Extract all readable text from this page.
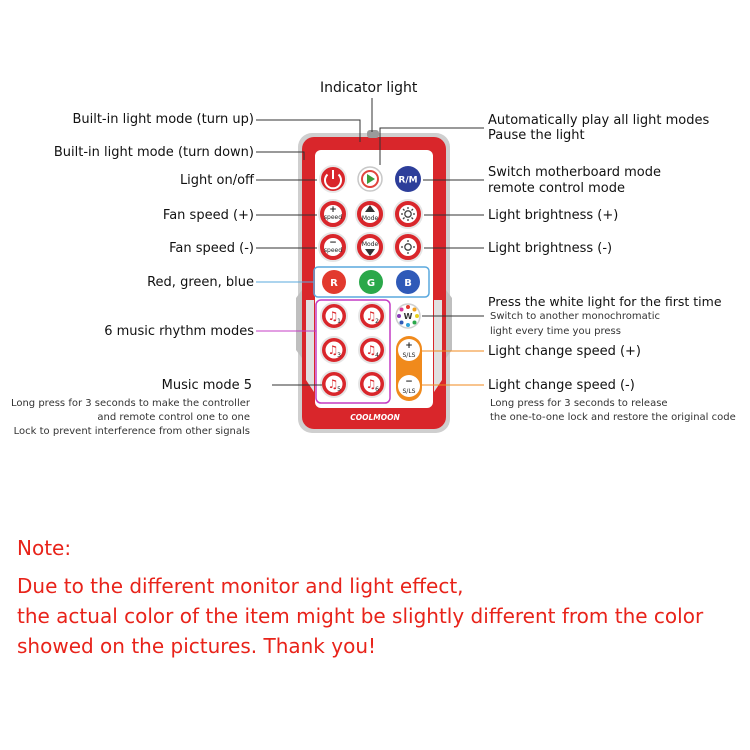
♫
1 ♫
2
♫
3 ♫
4
♫
5 ♫
6
R/M
speed
+
speed
−
Mode
Mode
R	G	B
W
+
S/LS
−
S/LS
COOLMOON
Indicator light
Built-in light mode (turn up)
Built-in light mode (turn down)
Light on/off
Fan speed (+)
Fan speed (-)
Red, green, blue
6 music rhythm modes
Music mode 5
Long press for 3 seconds to make the controller
and remote control one to one
Lock to prevent interference from other signals
Automatically play all light modes
Pause the light
Switch motherboard mode
remote control mode
Light brightness (+)
Light brightness (-)
Press the white light for the first time
Switch to another monochromatic
light every time you press
Light change speed (+)
Light change speed (-)
Long press for 3 seconds to release
the one-to-one lock and restore the original code
Note:
Due to the different monitor and light effect,
the actual color of the item might be slightly different from the color
showed on the pictures. Thank you!
